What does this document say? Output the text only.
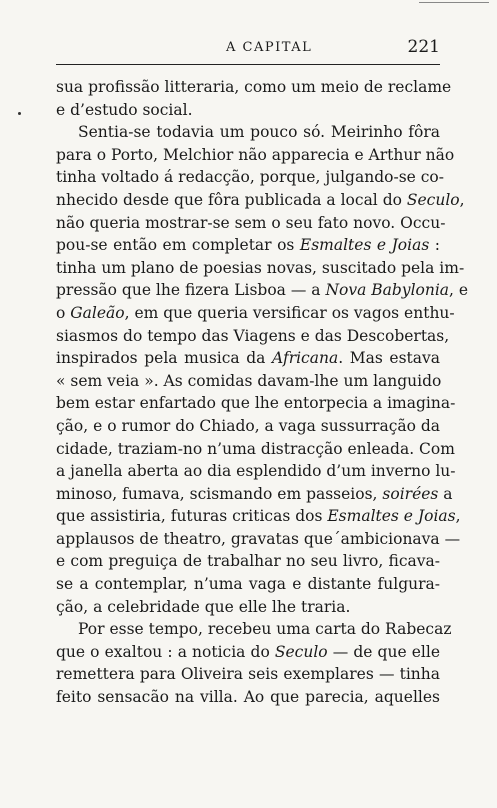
A CAPITAL	221
sua profissão litteraria, como um meio de reclame
e d’estudo social.
Sentia-se todavia um pouco só. Meirinho fôra
para o Porto, Melchior não apparecia e Arthur não
tinha voltado á redacção, porque, julgando-se co-
nhecido desde que fôra publicada a local do Seculo,
não queria mostrar-se sem o seu fato novo. Occu-
pou-se então em completar os Esmaltes e Joias :
tinha um plano de poesias novas, suscitado pela im-
pressão que lhe fizera Lisboa — a Nova Babylonia, e
o Galeão, em que queria versificar os vagos enthu-
siasmos do tempo das Viagens e das Descobertas,
inspirados pela musica da Africana. Mas estava
« sem veia ». As comidas davam-lhe um languido
bem estar enfartado que lhe entorpecia a imagina-
ção, e o rumor do Chiado, a vaga sussurração da
cidade, traziam-no n’uma distracção enleada. Com
a janella aberta ao dia esplendido d’um inverno lu-
minoso, fumava, scismando em passeios, soirées a
que assistiria, futuras criticas dos Esmaltes e Joias,
applausos de theatro, gravatas que´ambicionava —
e com preguiça de trabalhar no seu livro, ficava-
se a contemplar, n’uma vaga e distante fulgura-
ção, a celebridade que elle lhe traria.
Por esse tempo, recebeu uma carta do Rabecaz
que o exaltou : a noticia do Seculo — de que elle
remettera para Oliveira seis exemplares — tinha
feito sensacão na villa. Ao que parecia, aquelles
